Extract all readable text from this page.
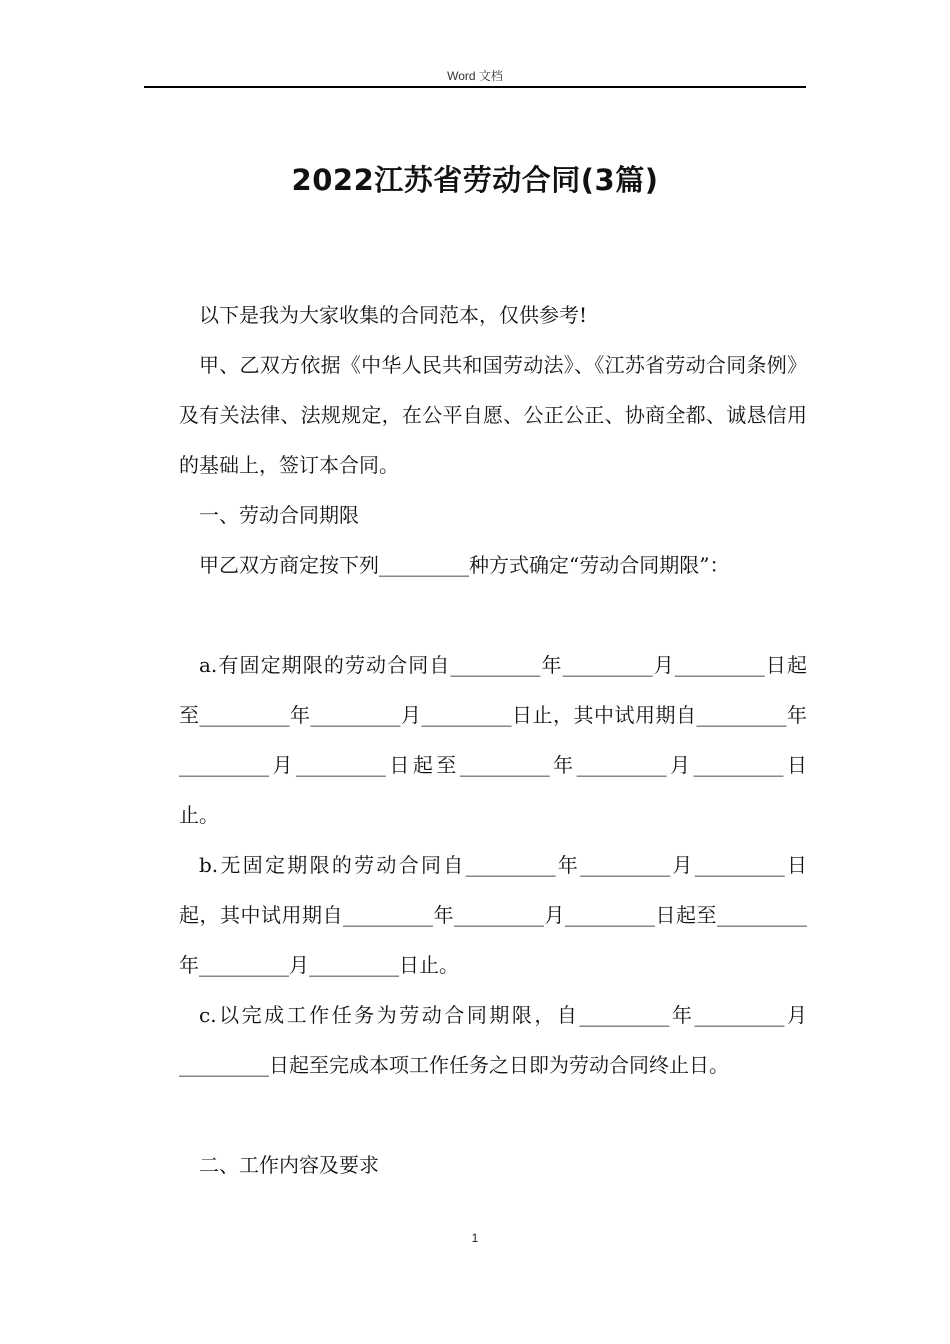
Word 文档
2022江苏省劳动合同(3篇)

以下是我为大家收集的合同范本，仅供参考!

甲、乙双方依据《中华人民共和国劳动法》、《江苏省劳动合同条例》及有关法律、法规规定，在公平自愿、公正公正、协商全都、诚恳信用的基础上，签订本合同。

一、劳动合同期限

甲乙双方商定按下列_________种方式确定“劳动合同期限”：

a.有固定期限的劳动合同自_________年_________月_________日起至_________年_________月_________日止，其中试用期自_________年_________月_________日起至_________年_________月_________日止。

b.无固定期限的劳动合同自_________年_________月_________日起，其中试用期自_________年_________月_________日起至_________年_________月_________日止。

c.以完成工作任务为劳动合同期限，自_________年_________月_________日起至完成本项工作任务之日即为劳动合同终止日。

二、工作内容及要求

1
